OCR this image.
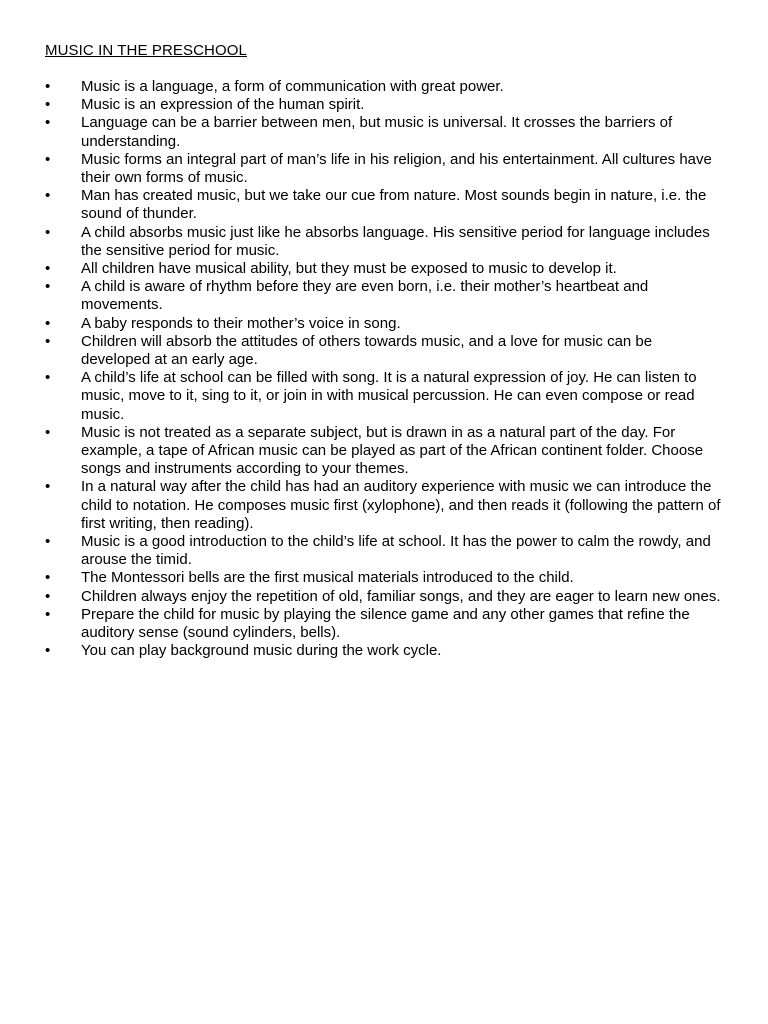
MUSIC IN THE PRESCHOOL
•	Music is a language, a form of communication with great power.
•	Music is an expression of the human spirit.
•	Language can be a barrier between men, but music is universal. It crosses the barriers of understanding.
•	Music forms an integral part of man’s life in his religion, and his entertainment. All cultures have their own forms of music.
•	Man has created music, but we take our cue from nature. Most sounds begin in nature, i.e. the sound of thunder.
•	A child absorbs music just like he absorbs language. His sensitive period for language includes the sensitive period for music.
•	All children have musical ability, but they must be exposed to music to develop it.
•	A child is aware of rhythm before they are even born, i.e. their mother’s heartbeat and movements.
•	A baby responds to their mother’s voice in song.
•	Children will absorb the attitudes of others towards music, and a love for music can be developed at an early age.
•	A child’s life at school can be filled with song. It is a natural expression of joy. He can listen to music, move to it, sing to it, or join in with musical percussion. He can even compose or read music.
•	Music is not treated as a separate subject, but is drawn in as a natural part of the day. For example, a tape of African music can be played as part of the African continent folder. Choose songs and instruments according to your themes.
•	In a natural way after the child has had an auditory experience with music we can introduce the child to notation. He composes music first (xylophone), and then reads it (following the pattern of first writing, then reading).
•	Music is a good introduction to the child’s life at school. It has the power to calm the rowdy, and arouse the timid.
•	The Montessori bells are the first musical materials introduced to the child.
•	Children always enjoy the repetition of old, familiar songs, and they are eager to learn new ones.
•	Prepare the child for music by playing the silence game and any other games that refine the auditory sense (sound cylinders, bells).
•	You can play background music during the work cycle.
